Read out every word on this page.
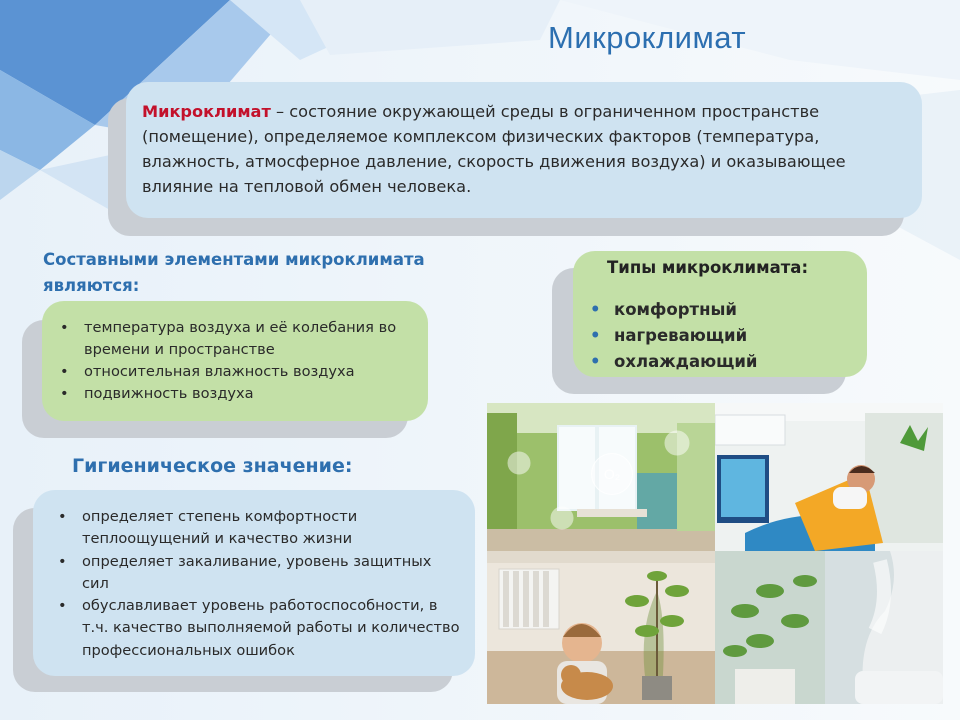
Микроклимат
Микроклимат – состояние окружающей среды в ограниченном пространстве (помещение), определяемое комплексом физических факторов (температура, влажность, атмосферное давление, скорость движения воздуха) и оказывающее влияние на тепловой обмен человека.
Составными элементами микроклимата являются:
• температура воздуха и её колебания во времени и пространстве
• относительная влажность воздуха
• подвижность воздуха
Типы микроклимата:
• комфортный
• нагревающий
• охлаждающий
Гигиеническое значение:
• определяет степень комфортности теплоощущений и качество жизни
• определяет закаливание, уровень защитных сил
• обуславливает уровень работоспособности, в т.ч. качество выполняемой работы и количество профессиональных ошибок
O₂
